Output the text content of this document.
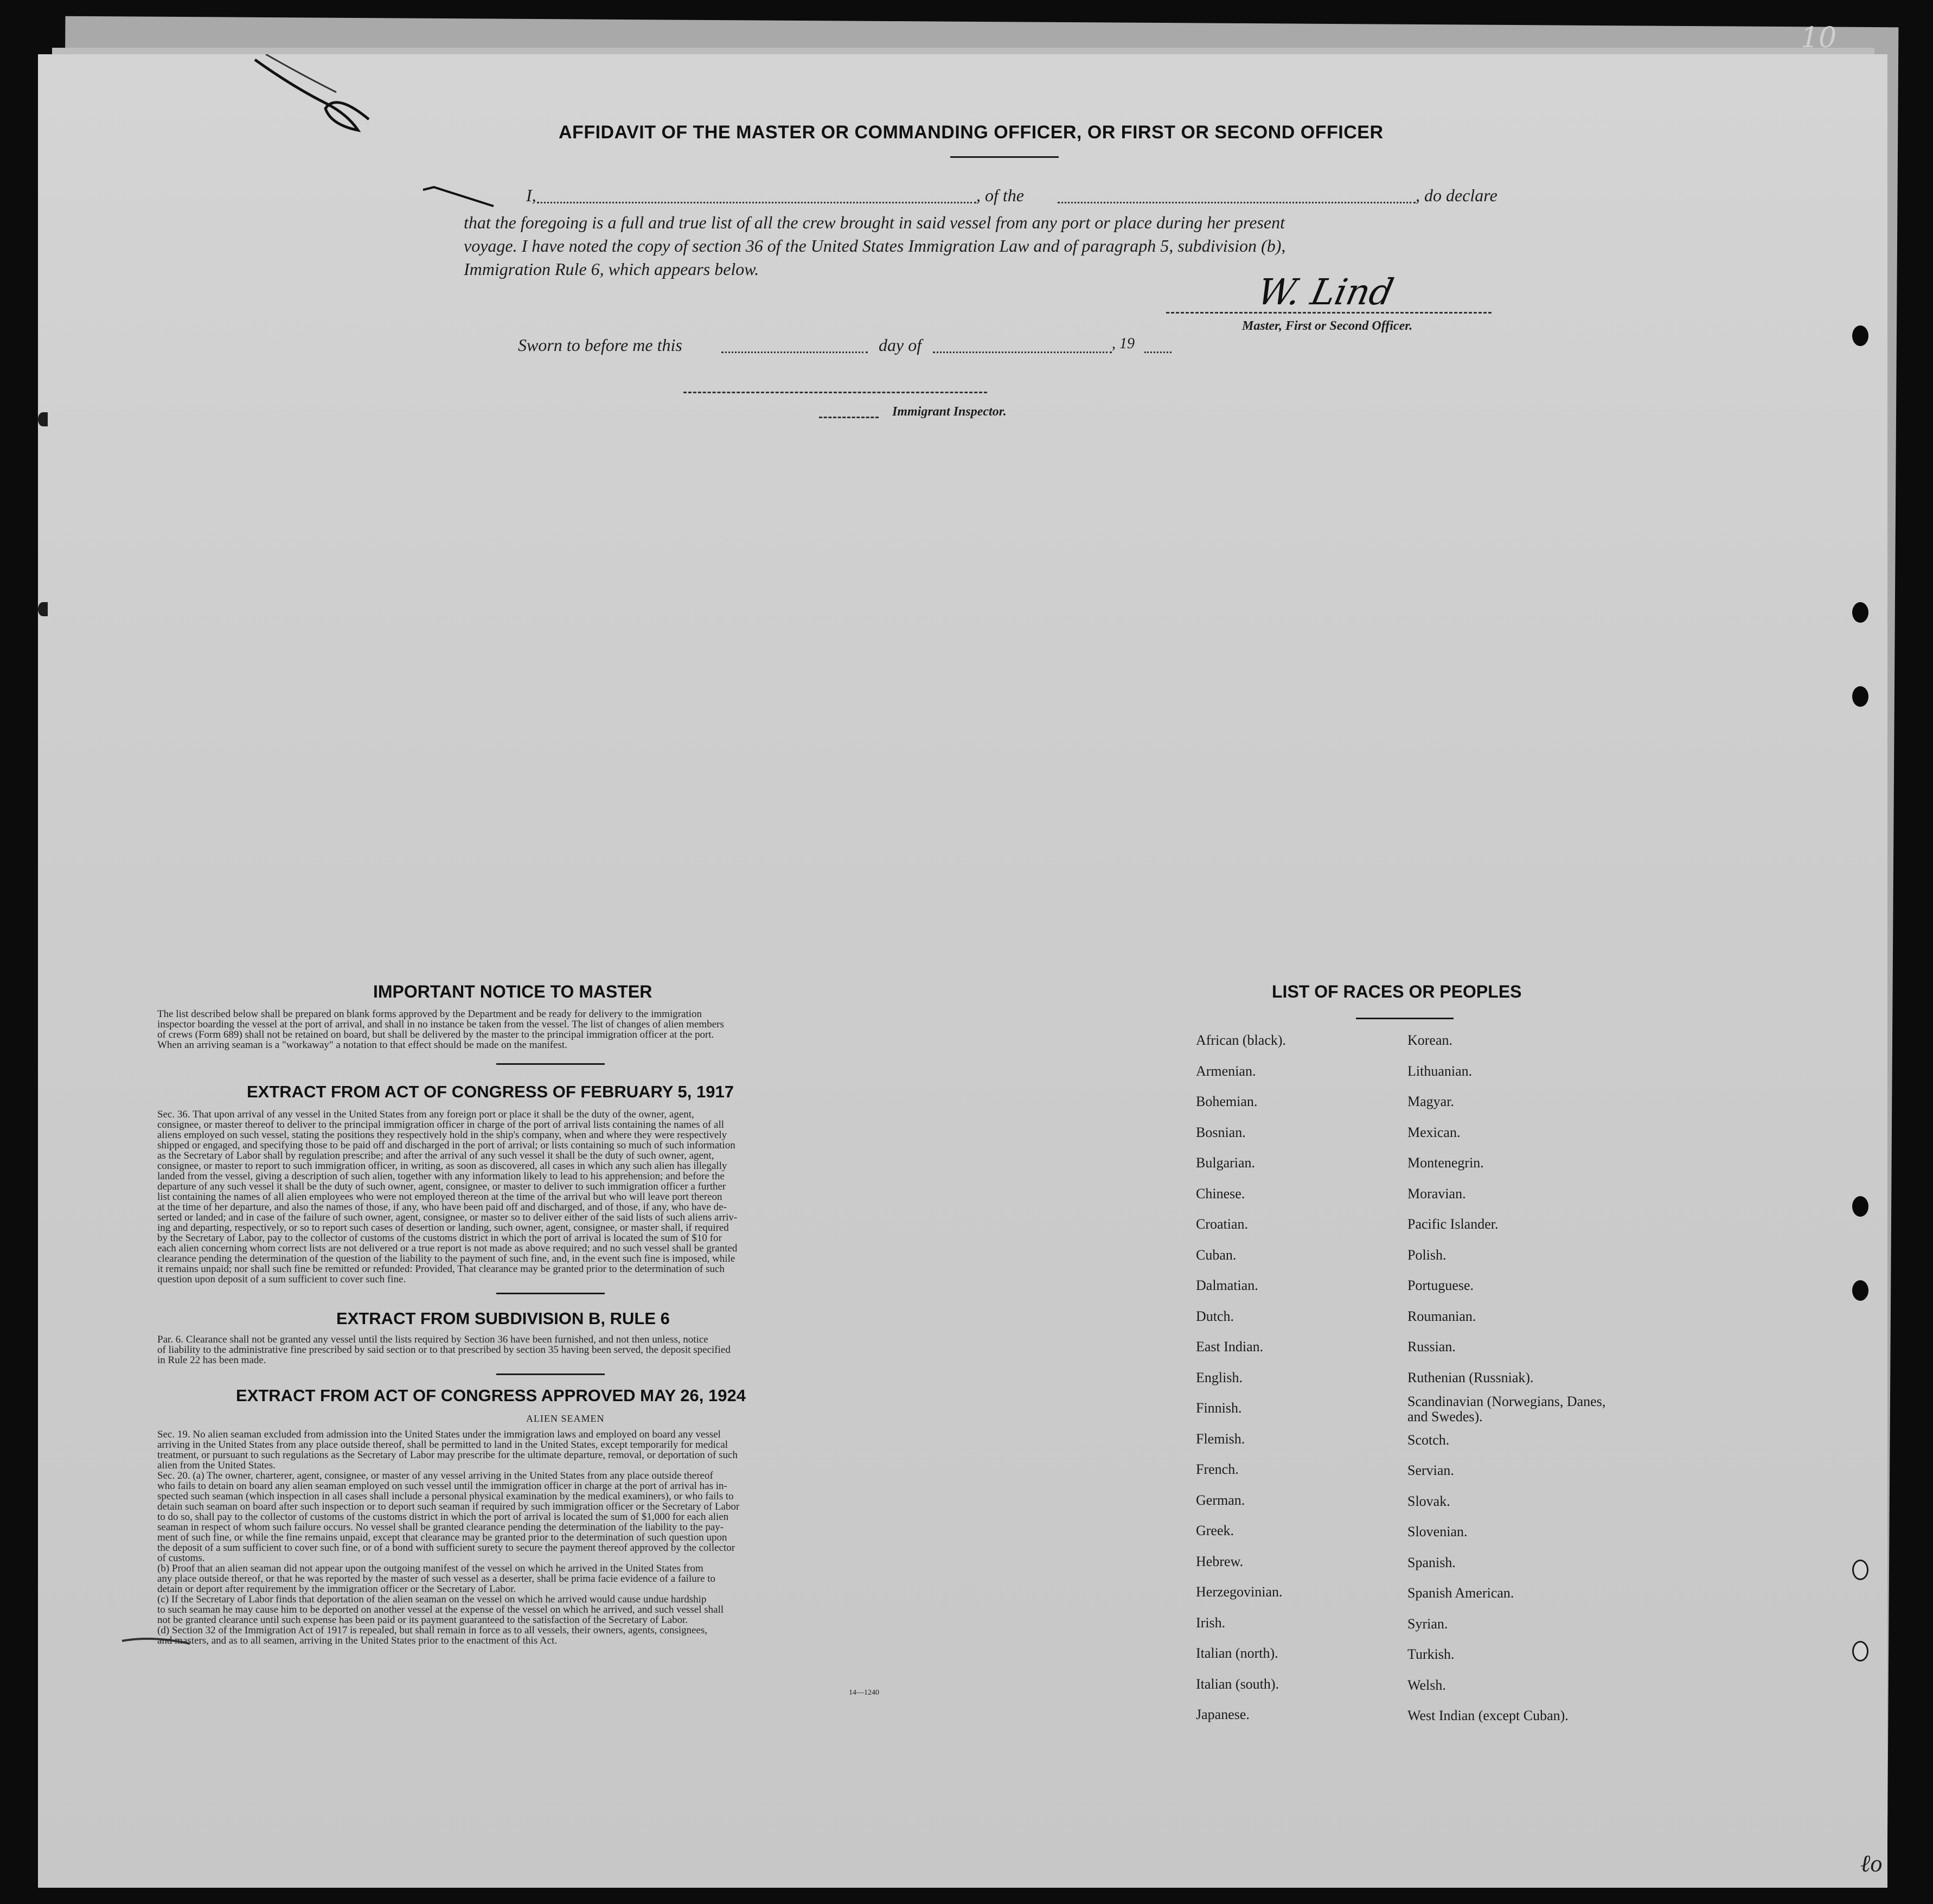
10
AFFIDAVIT OF THE MASTER OR COMMANDING OFFICER, OR FIRST OR SECOND OFFICER
I,	, of the	, do declare
that the foregoing is a full and true list of all the crew brought in said vessel from any port or place during her present
voyage. I have noted the copy of section 36 of the United States Immigration Law and of paragraph 5, subdivision (b),
Immigration Rule 6, which appears below.
W. Lind
Master, First or Second Officer.
Sworn to before me this	day of	, 19
Immigrant Inspector.
IMPORTANT NOTICE TO MASTER
The list described below shall be prepared on blank forms approved by the Department and be ready for delivery to the immigration
inspector boarding the vessel at the port of arrival, and shall in no instance be taken from the vessel. The list of changes of alien members
of crews (Form 689) shall not be retained on board, but shall be delivered by the master to the principal immigration officer at the port.
When an arriving seaman is a "workaway" a notation to that effect should be made on the manifest.
EXTRACT FROM ACT OF CONGRESS OF FEBRUARY 5, 1917
Sec. 36. That upon arrival of any vessel in the United States from any foreign port or place it shall be the duty of the owner, agent,
consignee, or master thereof to deliver to the principal immigration officer in charge of the port of arrival lists containing the names of all
aliens employed on such vessel, stating the positions they respectively hold in the ship's company, when and where they were respectively
shipped or engaged, and specifying those to be paid off and discharged in the port of arrival; or lists containing so much of such information
as the Secretary of Labor shall by regulation prescribe; and after the arrival of any such vessel it shall be the duty of such owner, agent,
consignee, or master to report to such immigration officer, in writing, as soon as discovered, all cases in which any such alien has illegally
landed from the vessel, giving a description of such alien, together with any information likely to lead to his apprehension; and before the
departure of any such vessel it shall be the duty of such owner, agent, consignee, or master to deliver to such immigration officer a further
list containing the names of all alien employees who were not employed thereon at the time of the arrival but who will leave port thereon
at the time of her departure, and also the names of those, if any, who have been paid off and discharged, and of those, if any, who have de-
serted or landed; and in case of the failure of such owner, agent, consignee, or master so to deliver either of the said lists of such aliens arriv-
ing and departing, respectively, or so to report such cases of desertion or landing, such owner, agent, consignee, or master shall, if required
by the Secretary of Labor, pay to the collector of customs of the customs district in which the port of arrival is located the sum of $10 for
each alien concerning whom correct lists are not delivered or a true report is not made as above required; and no such vessel shall be granted
clearance pending the determination of the question of the liability to the payment of such fine, and, in the event such fine is imposed, while
it remains unpaid; nor shall such fine be remitted or refunded: Provided, That clearance may be granted prior to the determination of such
question upon deposit of a sum sufficient to cover such fine.
EXTRACT FROM SUBDIVISION B, RULE 6
Par. 6. Clearance shall not be granted any vessel until the lists required by Section 36 have been furnished, and not then unless, notice
of liability to the administrative fine prescribed by said section or to that prescribed by section 35 having been served, the deposit specified
in Rule 22 has been made.
EXTRACT FROM ACT OF CONGRESS APPROVED MAY 26, 1924
ALIEN SEAMEN
Sec. 19. No alien seaman excluded from admission into the United States under the immigration laws and employed on board any vessel
arriving in the United States from any place outside thereof, shall be permitted to land in the United States, except temporarily for medical
treatment, or pursuant to such regulations as the Secretary of Labor may prescribe for the ultimate departure, removal, or deportation of such
alien from the United States.
Sec. 20. (a) The owner, charterer, agent, consignee, or master of any vessel arriving in the United States from any place outside thereof
who fails to detain on board any alien seaman employed on such vessel until the immigration officer in charge at the port of arrival has in-
spected such seaman (which inspection in all cases shall include a personal physical examination by the medical examiners), or who fails to
detain such seaman on board after such inspection or to deport such seaman if required by such immigration officer or the Secretary of Labor
to do so, shall pay to the collector of customs of the customs district in which the port of arrival is located the sum of $1,000 for each alien
seaman in respect of whom such failure occurs. No vessel shall be granted clearance pending the determination of the liability to the pay-
ment of such fine, or while the fine remains unpaid, except that clearance may be granted prior to the determination of such question upon
the deposit of a sum sufficient to cover such fine, or of a bond with sufficient surety to secure the payment thereof approved by the collector
of customs.
(b) Proof that an alien seaman did not appear upon the outgoing manifest of the vessel on which he arrived in the United States from
any place outside thereof, or that he was reported by the master of such vessel as a deserter, shall be prima facie evidence of a failure to
detain or deport after requirement by the immigration officer or the Secretary of Labor.
(c) If the Secretary of Labor finds that deportation of the alien seaman on the vessel on which he arrived would cause undue hardship
to such seaman he may cause him to be deported on another vessel at the expense of the vessel on which he arrived, and such vessel shall
not be granted clearance until such expense has been paid or its payment guaranteed to the satisfaction of the Secretary of Labor.
(d) Section 32 of the Immigration Act of 1917 is repealed, but shall remain in force as to all vessels, their owners, agents, consignees,
and masters, and as to all seamen, arriving in the United States prior to the enactment of this Act.
14—1240
LIST OF RACES OR PEOPLES
African (black).
Armenian.
Bohemian.
Bosnian.
Bulgarian.
Chinese.
Croatian.
Cuban.
Dalmatian.
Dutch.
East Indian.
English.
Finnish.
Flemish.
French.
German.
Greek.
Hebrew.
Herzegovinian.
Irish.
Italian (north).
Italian (south).
Japanese.
Korean.
Lithuanian.
Magyar.
Mexican.
Montenegrin.
Moravian.
Pacific Islander.
Polish.
Portuguese.
Roumanian.
Russian.
Ruthenian (Russniak).
Scandinavian (Norwegians, Danes, and Swedes).
Scotch.
Servian.
Slovak.
Slovenian.
Spanish.
Spanish American.
Syrian.
Turkish.
Welsh.
West Indian (except Cuban).
ℓo
